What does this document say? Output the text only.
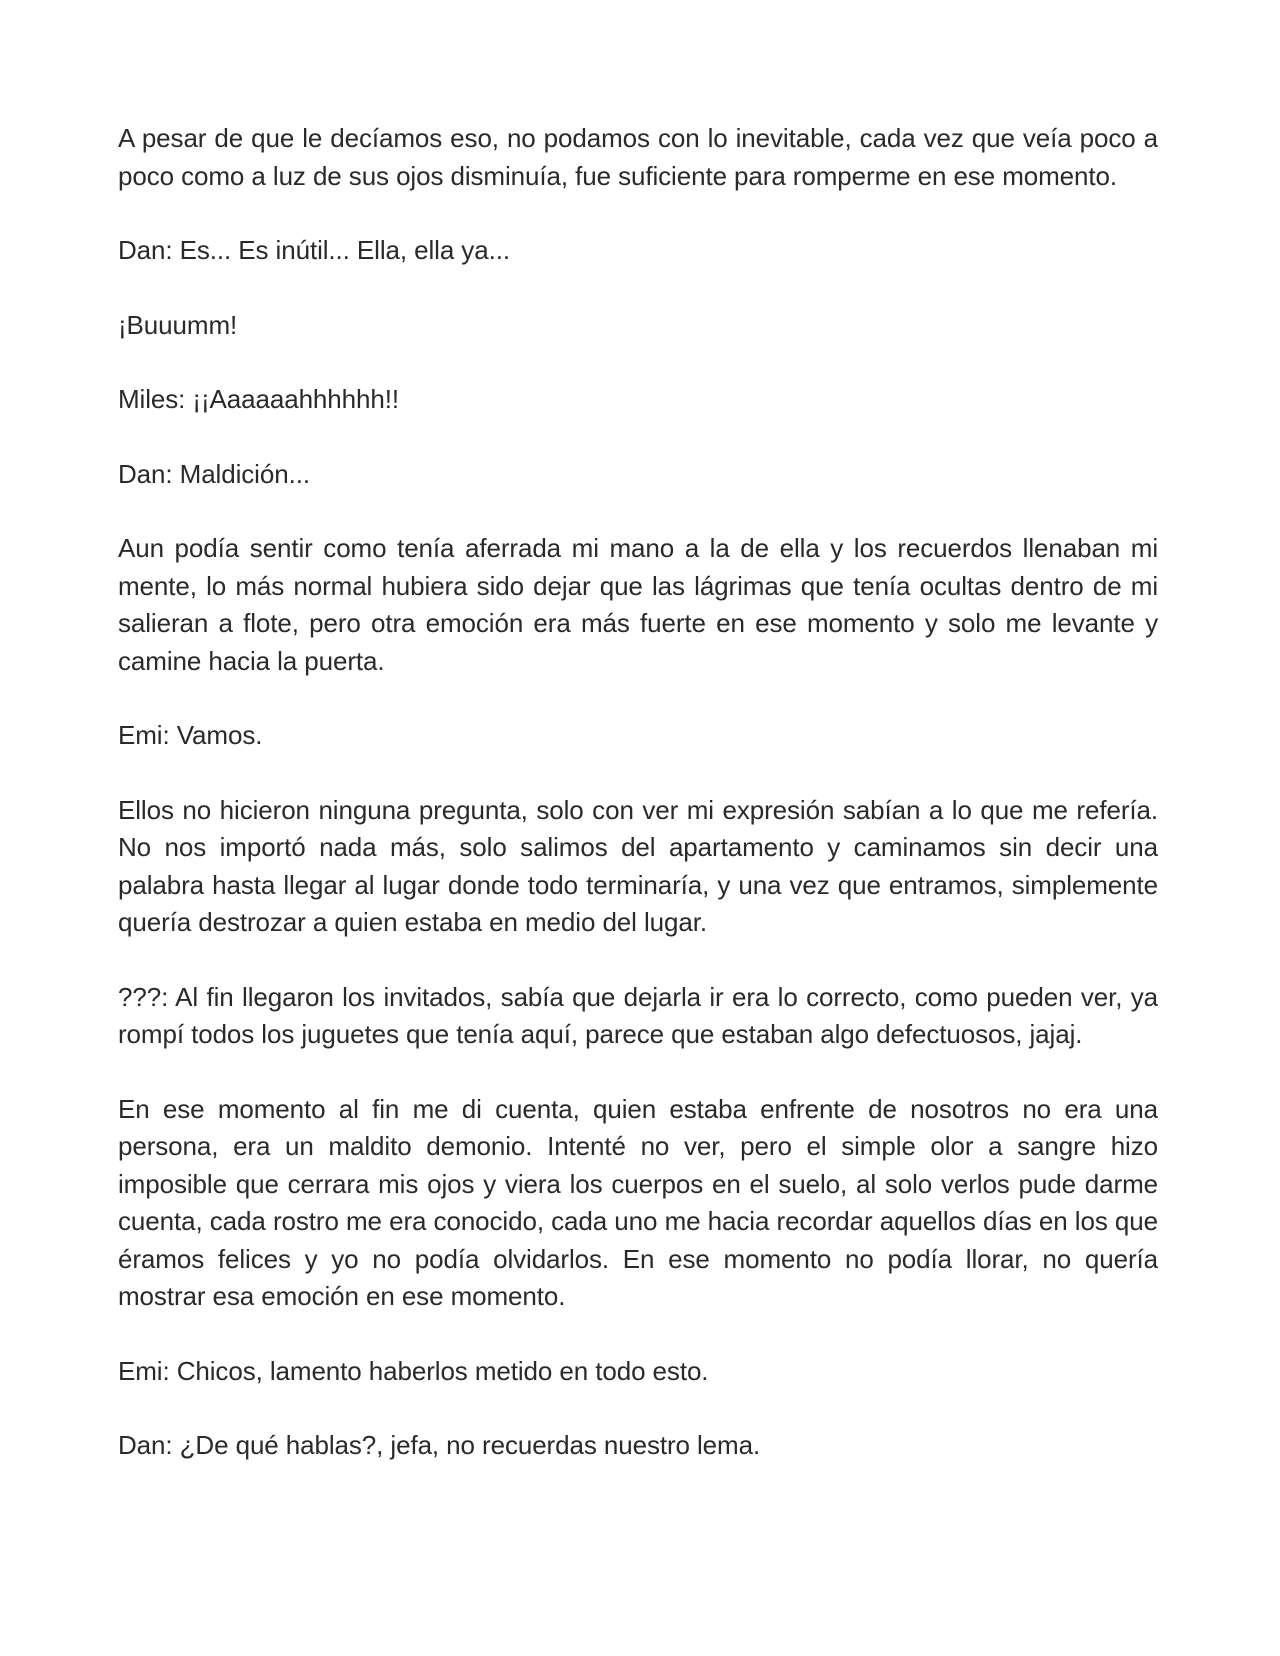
A pesar de que le decíamos eso, no podamos con lo inevitable, cada vez que veía poco a poco como a luz de sus ojos disminuía, fue suficiente para romperme en ese momento.

Dan: Es... Es inútil... Ella, ella ya...

¡Buuumm!

Miles: ¡¡Aaaaaahhhhhh!!

Dan: Maldición...

Aun podía sentir como tenía aferrada mi mano a la de ella y los recuerdos llenaban mi mente, lo más normal hubiera sido dejar que las lágrimas que tenía ocultas dentro de mi salieran a flote, pero otra emoción era más fuerte en ese momento y solo me levante y camine hacia la puerta.

Emi: Vamos.

Ellos no hicieron ninguna pregunta, solo con ver mi expresión sabían a lo que me refería. No nos importó nada más, solo salimos del apartamento y caminamos sin decir una palabra hasta llegar al lugar donde todo terminaría, y una vez que entramos, simplemente quería destrozar a quien estaba en medio del lugar.

???: Al fin llegaron los invitados, sabía que dejarla ir era lo correcto, como pueden ver, ya rompí todos los juguetes que tenía aquí, parece que estaban algo defectuosos, jajaj.

En ese momento al fin me di cuenta, quien estaba enfrente de nosotros no era una persona, era un maldito demonio. Intenté no ver, pero el simple olor a sangre hizo imposible que cerrara mis ojos y viera los cuerpos en el suelo, al solo verlos pude darme cuenta, cada rostro me era conocido, cada uno me hacia recordar aquellos días en los que éramos felices y yo no podía olvidarlos. En ese momento no podía llorar, no quería mostrar esa emoción en ese momento.

Emi: Chicos, lamento haberlos metido en todo esto.

Dan: ¿De qué hablas?, jefa, no recuerdas nuestro lema.
